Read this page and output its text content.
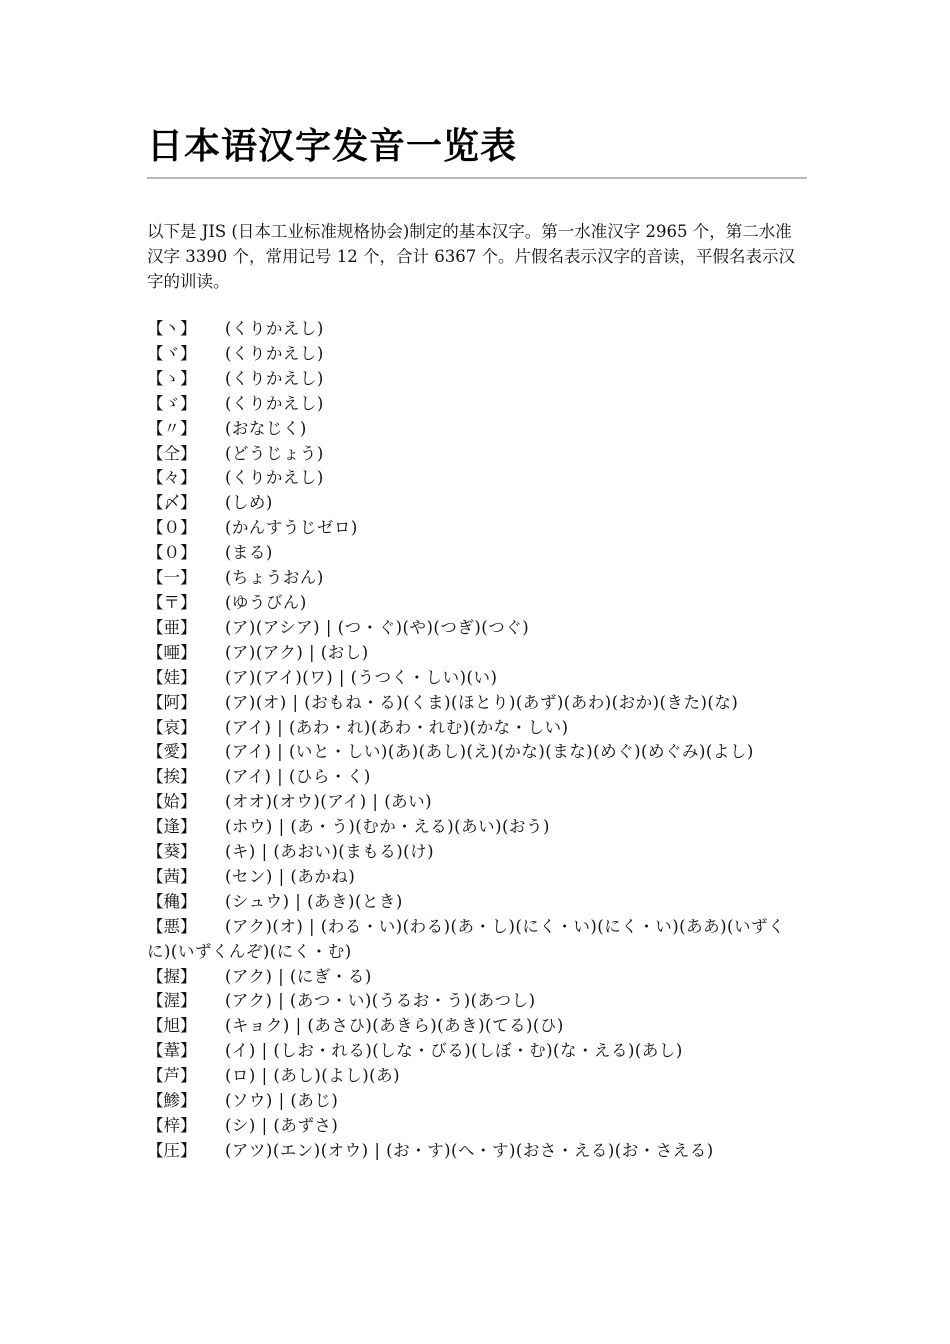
日本语汉字发音一览表

以下是 JIS (日本工业标准规格协会)制定的基本汉字。第一水准汉字 2965 个，第二水准汉字 3390 个，常用记号 12 个，合计 6367 个。片假名表示汉字的音读，平假名表示汉字的训读。

【丶】 (くりかえし)
【ヾ】 (くりかえし)
【ゝ】 (くりかえし)
【ゞ】 (くりかえし)
【〃】 (おなじく)
【仝】 (どうじょう)
【々】 (くりかえし)
【〆】 (しめ)
【０】 (かんすうじゼロ)
【０】 (まる)
【一】 (ちょうおん)
【〒】 (ゆうびん)
【亜】 (ア)(アシア) | (つ・ぐ)(や)(つぎ)(つぐ)
【唖】 (ア)(アク) | (おし)
【娃】 (ア)(アイ)(ワ) | (うつく・しい)(い)
【阿】 (ア)(オ) | (おもね・る)(くま)(ほとり)(あず)(あわ)(おか)(きた)(な)
【哀】 (アイ) | (あわ・れ)(あわ・れむ)(かな・しい)
【愛】 (アイ) | (いと・しい)(あ)(あし)(え)(かな)(まな)(めぐ)(めぐみ)(よし)
【挨】 (アイ) | (ひら・く)
【姶】 (オオ)(オウ)(アイ) | (あい)
【逢】 (ホウ) | (あ・う)(むか・える)(あい)(おう)
【葵】 (キ) | (あおい)(まもる)(け)
【茜】 (セン) | (あかね)
【穐】 (シュウ) | (あき)(とき)
【悪】 (アク)(オ) | (わる・い)(わる)(あ・し)(にく・い)(にく・い)(ああ)(いずくに)(いずくんぞ)(にく・む)
【握】 (アク) | (にぎ・る)
【渥】 (アク) | (あつ・い)(うるお・う)(あつし)
【旭】 (キョク) | (あさひ)(あきら)(あき)(てる)(ひ)
【葦】 (イ) | (しお・れる)(しな・びる)(しぼ・む)(な・える)(あし)
【芦】 (ロ) | (あし)(よし)(あ)
【鯵】 (ソウ) | (あじ)
【梓】 (シ) | (あずさ)
【圧】 (アツ)(エン)(オウ) | (お・す)(へ・す)(おさ・える)(お・さえる)
